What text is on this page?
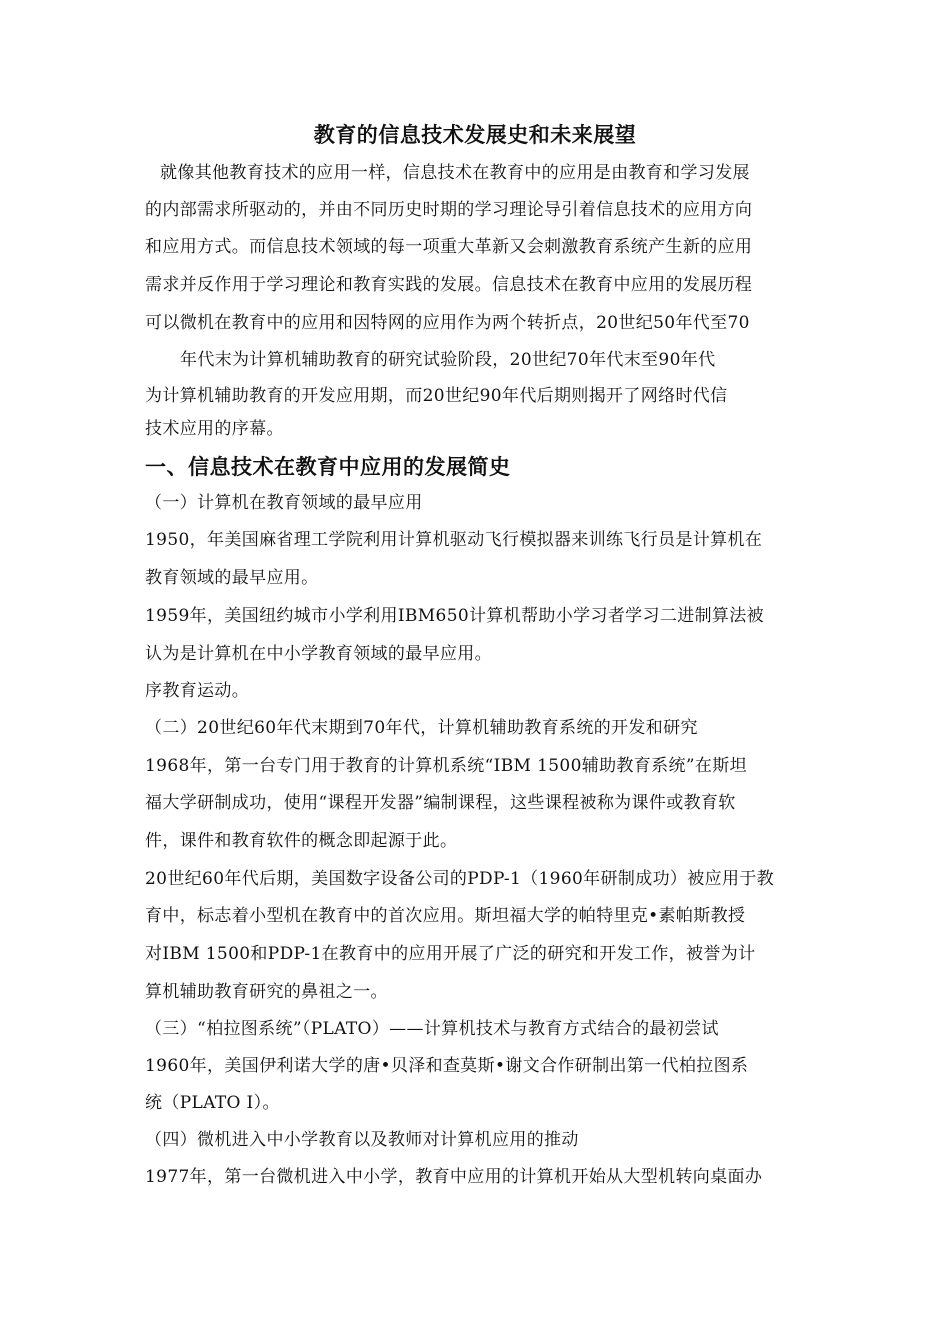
教育的信息技术发展史和未来展望
就像其他教育技术的应用一样，信息技术在教育中的应用是由教育和学习发展
的内部需求所驱动的，并由不同历史时期的学习理论导引着信息技术的应用方向
和应用方式。而信息技术领域的每一项重大革新又会刺激教育系统产生新的应用
需求并反作用于学习理论和教育实践的发展。信息技术在教育中应用的发展历程
可以微机在教育中的应用和因特网的应用作为两个转折点，20世纪50年代至70
年代末为计算机辅助教育的研究试验阶段，20世纪70年代末至90年代
为计算机辅助教育的开发应用期，而20世纪90年代后期则揭开了网络时代信
技术应用的序幕。
一、信息技术在教育中应用的发展简史
（一）计算机在教育领域的最早应用
1950，年美国麻省理工学院利用计算机驱动飞行模拟器来训练飞行员是计算机在
教育领域的最早应用。
1959年，美国纽约城市小学利用IBM650计算机帮助小学习者学习二进制算法被
认为是计算机在中小学教育领域的最早应用。
序教育运动。
（二）20世纪60年代末期到70年代，计算机辅助教育系统的开发和研究
1968年，第一台专门用于教育的计算机系统“IBM 1500辅助教育系统”在斯坦
福大学研制成功，使用“课程开发器”编制课程，这些课程被称为课件或教育软
件，课件和教育软件的概念即起源于此。
20世纪60年代后期，美国数字设备公司的PDP-1（1960年研制成功）被应用于教
育中，标志着小型机在教育中的首次应用。斯坦福大学的帕特里克•素帕斯教授
对IBM 1500和PDP-1在教育中的应用开展了广泛的研究和开发工作，被誉为计
算机辅助教育研究的鼻祖之一。
（三）“柏拉图系统”（PLATO）——计算机技术与教育方式结合的最初尝试
1960年，美国伊利诺大学的唐•贝泽和查莫斯•谢文合作研制出第一代柏拉图系
统（PLATO I）。
（四）微机进入中小学教育以及教师对计算机应用的推动
1977年，第一台微机进入中小学，教育中应用的计算机开始从大型机转向桌面办
